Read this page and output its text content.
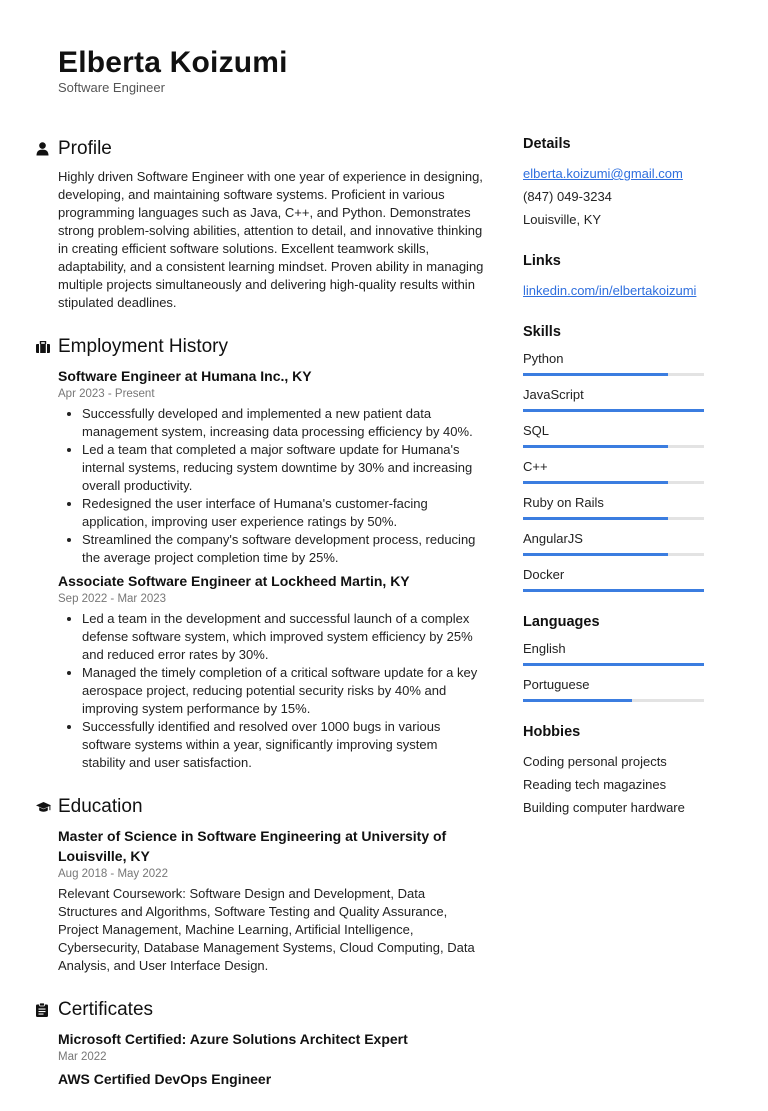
Elberta Koizumi
Software Engineer
Profile
Highly driven Software Engineer with one year of experience in designing, developing, and maintaining software systems. Proficient in various programming languages such as Java, C++, and Python. Demonstrates strong problem-solving abilities, attention to detail, and innovative thinking in creating efficient software solutions. Excellent teamwork skills, adaptability, and a consistent learning mindset. Proven ability in managing multiple projects simultaneously and delivering high-quality results within stipulated deadlines.
Employment History
Software Engineer at Humana Inc., KY
Apr 2023 - Present
• Successfully developed and implemented a new patient data management system, increasing data processing efficiency by 40%.
• Led a team that completed a major software update for Humana's internal systems, reducing system downtime by 30% and increasing overall productivity.
• Redesigned the user interface of Humana's customer-facing application, improving user experience ratings by 50%.
• Streamlined the company's software development process, reducing the average project completion time by 25%.
Associate Software Engineer at Lockheed Martin, KY
Sep 2022 - Mar 2023
• Led a team in the development and successful launch of a complex defense software system, which improved system efficiency by 25% and reduced error rates by 30%.
• Managed the timely completion of a critical software update for a key aerospace project, reducing potential security risks by 40% and improving system performance by 15%.
• Successfully identified and resolved over 1000 bugs in various software systems within a year, significantly improving system stability and user satisfaction.
Education
Master of Science in Software Engineering at University of Louisville, KY
Aug 2018 - May 2022
Relevant Coursework: Software Design and Development, Data Structures and Algorithms, Software Testing and Quality Assurance, Project Management, Machine Learning, Artificial Intelligence, Cybersecurity, Database Management Systems, Cloud Computing, Data Analysis, and User Interface Design.
Certificates
Microsoft Certified: Azure Solutions Architect Expert
Mar 2022
AWS Certified DevOps Engineer
Details
elberta.koizumi@gmail.com
(847) 049-3234
Louisville, KY
Links
linkedin.com/in/elbertakoizumi
Skills
Python
JavaScript
SQL
C++
Ruby on Rails
AngularJS
Docker
Languages
English
Portuguese
Hobbies
Coding personal projects
Reading tech magazines
Building computer hardware
